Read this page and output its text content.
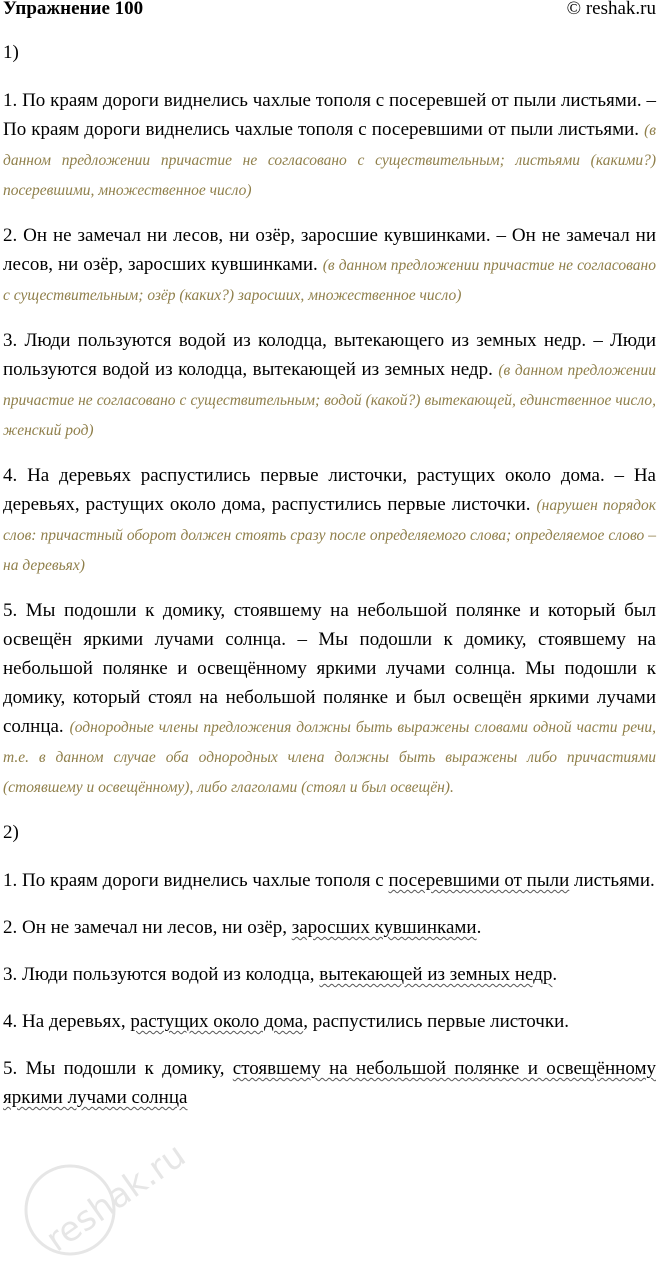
Упражнение 100	© reshak.ru
1)

1. По краям дороги виднелись чахлые тополя с посеревшей от пыли листьями. – По краям дороги виднелись чахлые тополя с посеревшими от пыли листьями. (в данном предложении причастие не согласовано с существительным; листьями (какими?) посеревшими, множественное число)

2. Он не замечал ни лесов, ни озёр, заросшие кувшинками. – Он не замечал ни лесов, ни озёр, заросших кувшинками. (в данном предложении причастие не согласовано с существительным; озёр (каких?) заросших, множественное число)

3. Люди пользуются водой из колодца, вытекающего из земных недр. – Люди пользуются водой из колодца, вытекающей из земных недр. (в данном предложении причастие не согласовано с существительным; водой (какой?) вытекающей, единственное число, женский род)

4. На деревьях распустились первые листочки, растущих около дома. – На деревьях, растущих около дома, распустились первые листочки. (нарушен порядок слов: причастный оборот должен стоять сразу после определяемого слова; определяемое слово – на деревьях)

5. Мы подошли к домику, стоявшему на небольшой полянке и который был освещён яркими лучами солнца. – Мы подошли к домику, стоявшему на небольшой полянке и освещённому яркими лучами солнца. Мы подошли к домику, который стоял на небольшой полянке и был освещён яркими лучами солнца. (однородные члены предложения должны быть выражены словами одной части речи, т.е. в данном случае оба однородных члена должны быть выражены либо причастиями (стоявшему и освещённому), либо глаголами (стоял и был освещён).

2)

1. По краям дороги виднелись чахлые тополя с посеревшими от пыли листьями.

2. Он не замечал ни лесов, ни озёр, заросших кувшинками.

3. Люди пользуются водой из колодца, вытекающей из земных недр.

4. На деревьях, растущих около дома, распустились первые листочки.

5. Мы подошли к домику, стоявшему на небольшой полянке и освещённому яркими лучами солнца

reshak.ru
